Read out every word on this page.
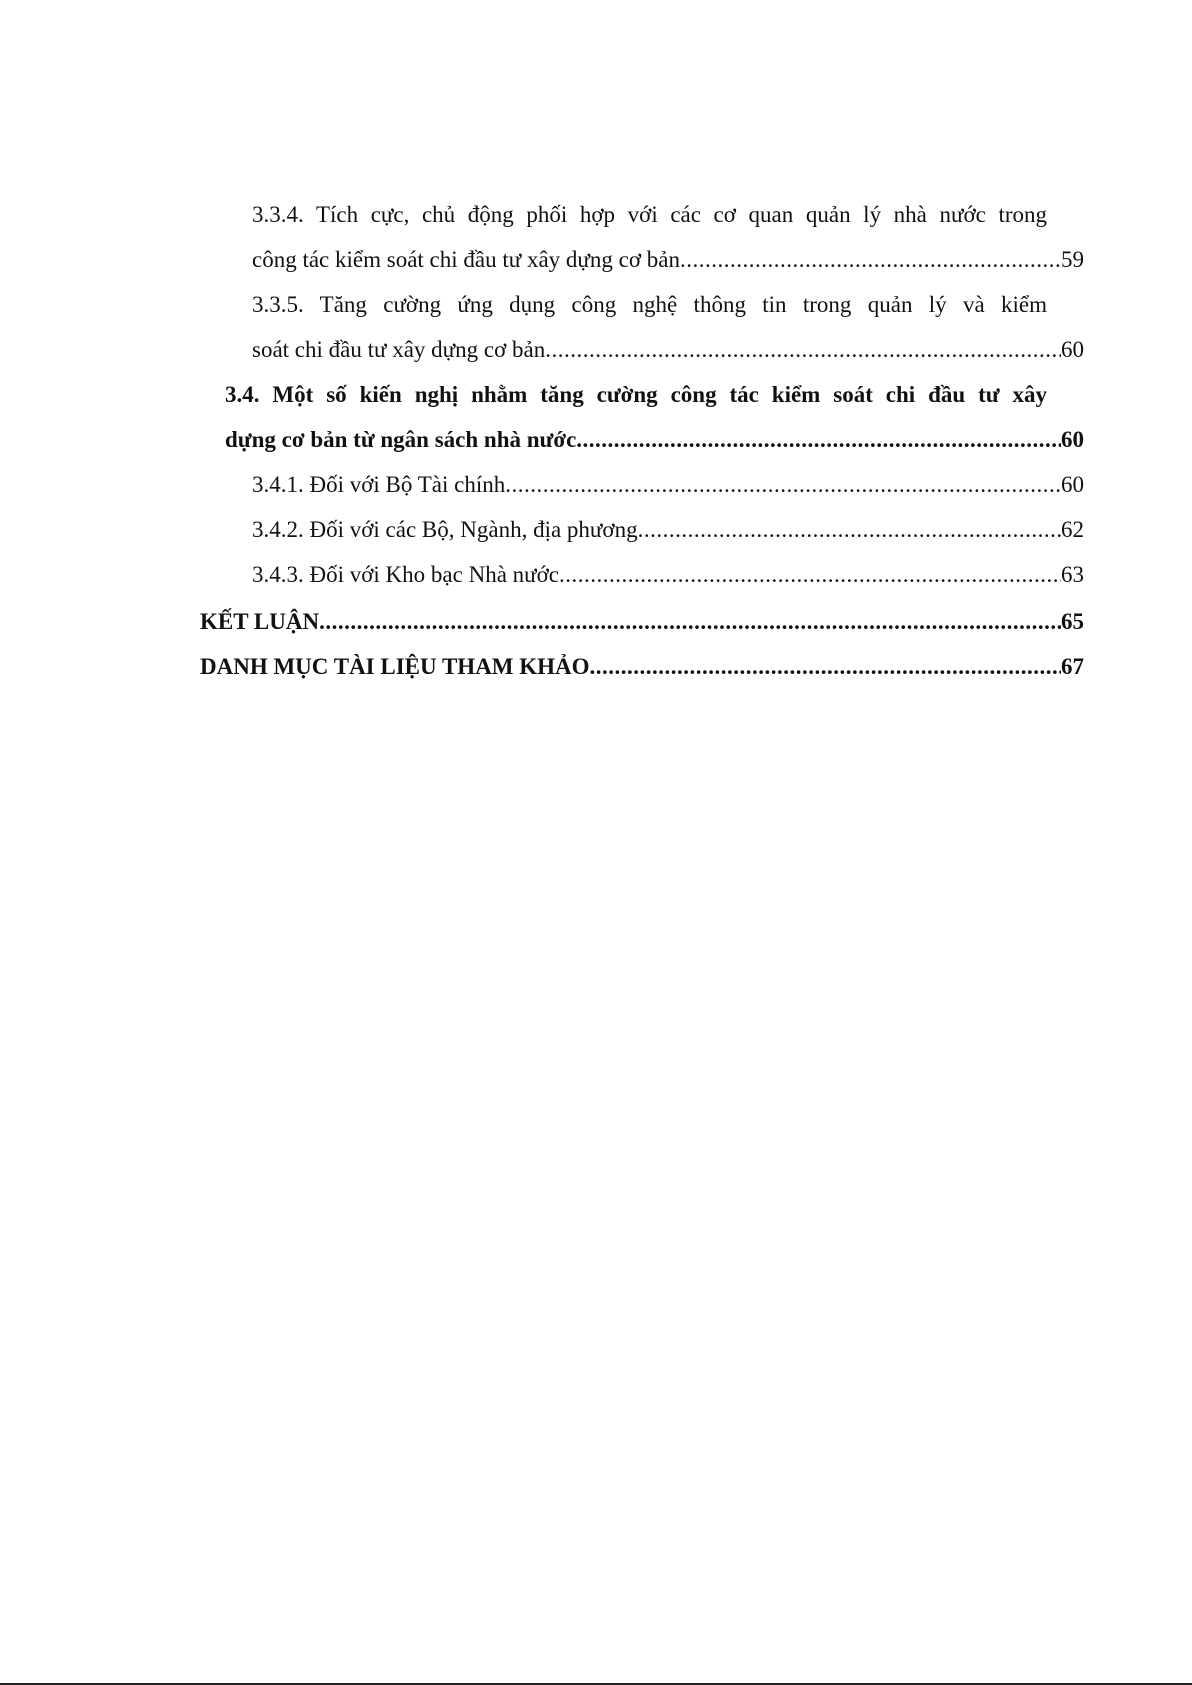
3.3.4. Tích cực, chủ động phối hợp với các cơ quan quản lý nhà nước trong
công tác kiểm soát chi đầu tư xây dựng cơ bản .....	59
3.3.5. Tăng cường ứng dụng công nghệ thông tin trong quản lý và kiểm
soát chi đầu tư xây dựng cơ bản .....	60
3.4. Một số kiến nghị nhằm tăng cường công tác kiểm soát chi đầu tư xây
dựng cơ bản từ ngân sách nhà nước .....	60
3.4.1. Đối với Bộ Tài chính .....	60
3.4.2. Đối với các Bộ, Ngành, địa phương .....	62
3.4.3. Đối với Kho bạc Nhà nước .....	63
KẾT LUẬN .....	65
DANH MỤC TÀI LIỆU THAM KHẢO .....	67
